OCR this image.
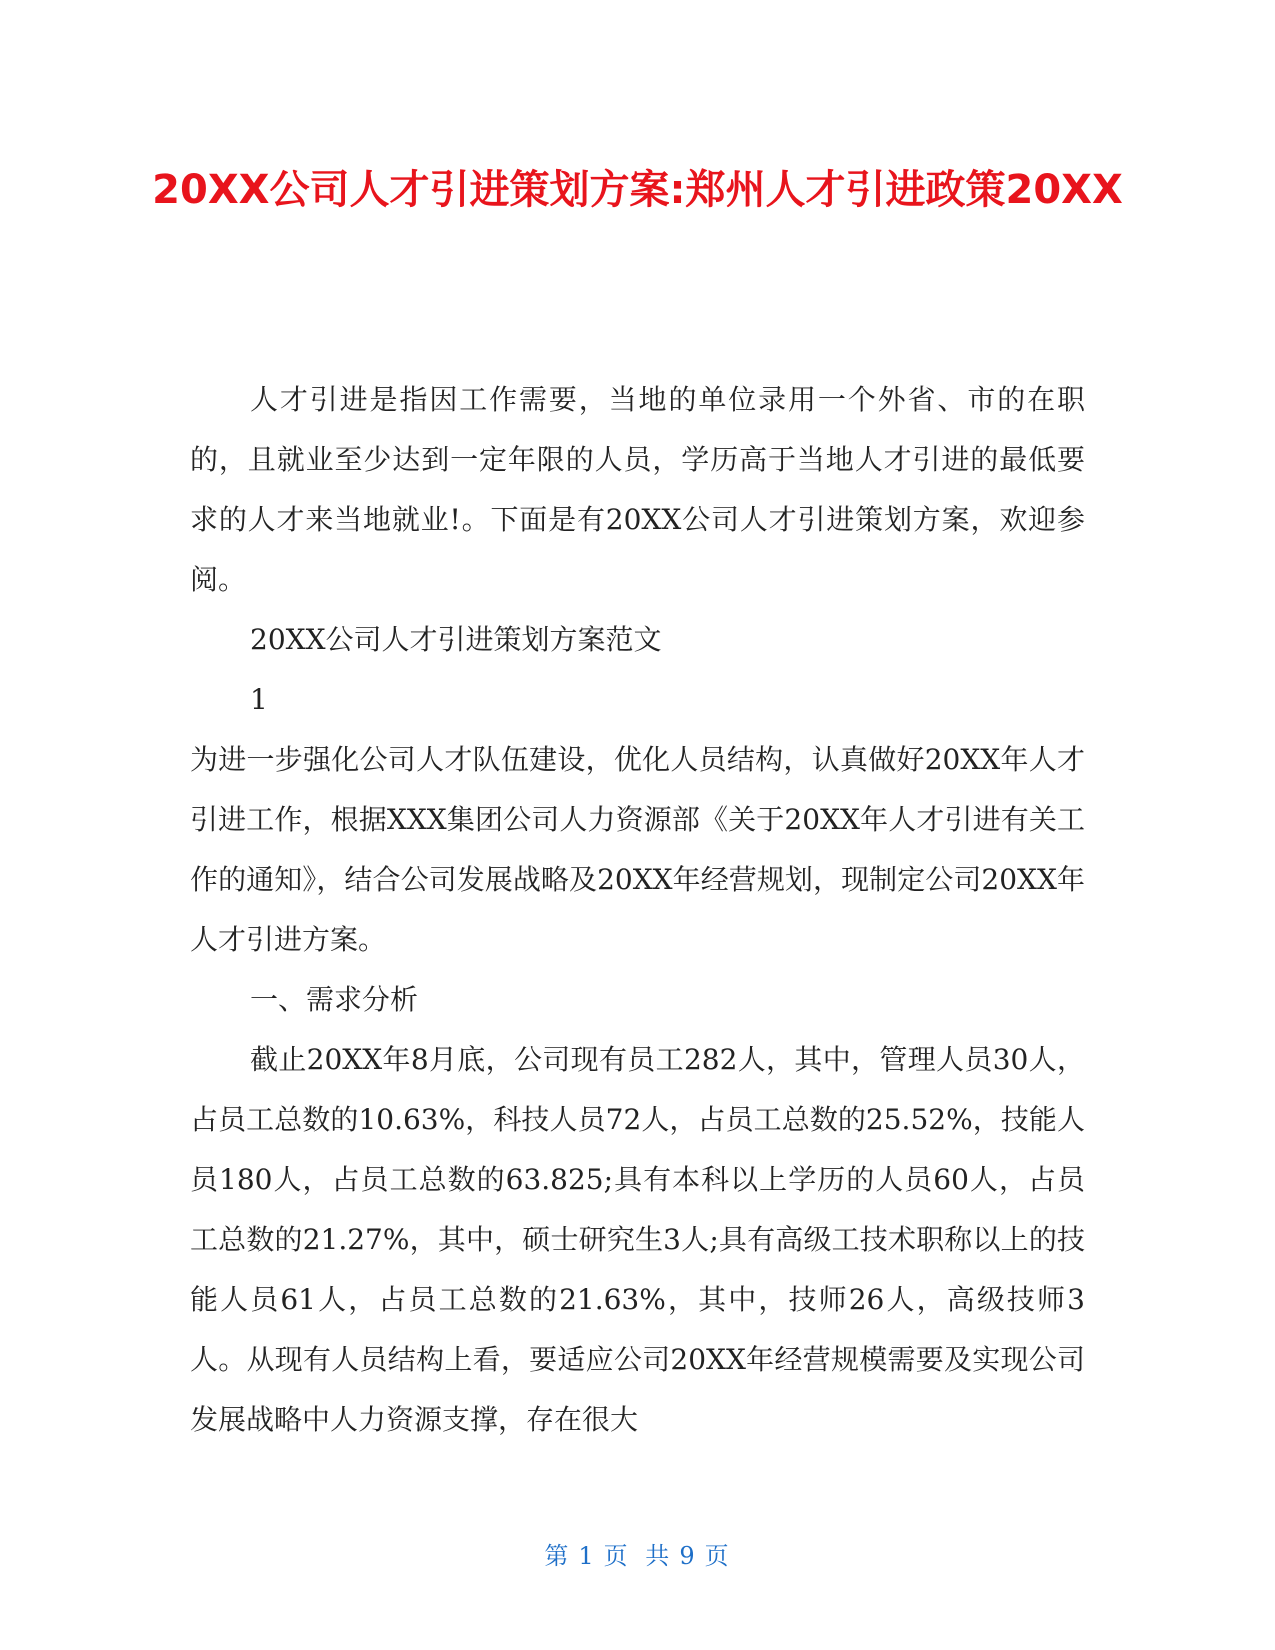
20XX公司人才引进策划方案:郑州人才引进政策20XX

人才引进是指因工作需要，当地的单位录用一个外省、市的在职的，且就业至少达到一定年限的人员，学历高于当地人才引进的最低要求的人才来当地就业!。下面是有20XX公司人才引进策划方案，欢迎参阅。

20XX公司人才引进策划方案范文

1

为进一步强化公司人才队伍建设，优化人员结构，认真做好20XX年人才引进工作，根据XXX集团公司人力资源部《关于20XX年人才引进有关工作的通知》，结合公司发展战略及20XX年经营规划，现制定公司20XX年人才引进方案。

一、需求分析

截止20XX年8月底，公司现有员工282人，其中，管理人员30人，占员工总数的10.63%，科技人员72人，占员工总数的25.52%，技能人员180人，占员工总数的63.825;具有本科以上学历的人员60人，占员工总数的21.27%，其中，硕士研究生3人;具有高级工技术职称以上的技能人员61人，占员工总数的21.63%，其中，技师26人，高级技师3人。从现有人员结构上看，要适应公司20XX年经营规模需要及实现公司发展战略中人力资源支撑，存在很大

第 1 页 共 9 页
